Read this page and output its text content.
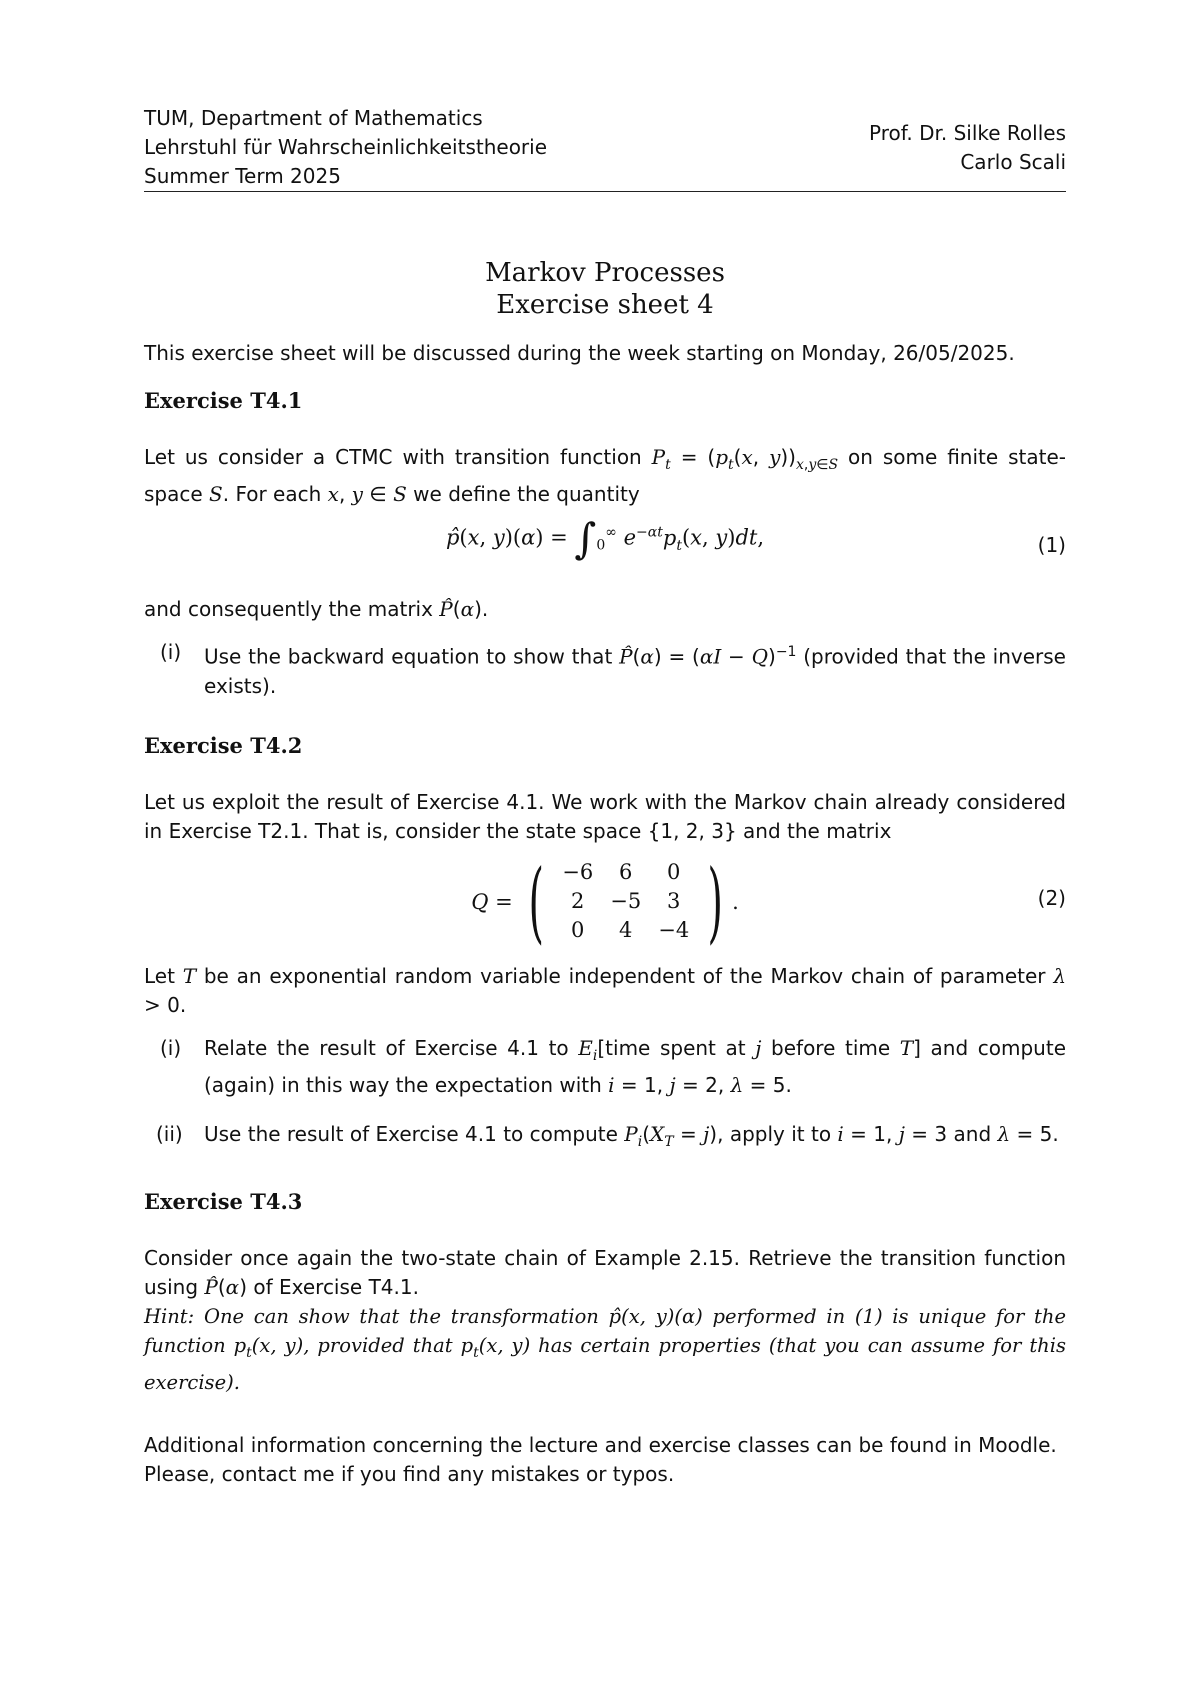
TUM, Department of Mathematics
Lehrstuhl für Wahrscheinlichkeitstheorie
Summer Term 2025
Prof. Dr. Silke Rolles
Carlo Scali
Markov Processes
Exercise sheet 4

This exercise sheet will be discussed during the week starting on Monday, 26/05/2025.

Exercise T4.1

Let us consider a CTMC with transition function $P_t = (p_t(x$, $y))_{x,y\in S}$ on some finite state-space S. For each x, y ∈ S we define the quantity

p̂(x, $y)(\alpha) = \int_0^\infty$ $e^{-\alpha t}p_t(x$, y)dt,	(1)

and consequently the matrix P̂(α).

(i) Use the backward equation to show that P̂(α) = $(\alpha I - Q)^{-1}$ (provided that the inverse exists).
Exercise T4.2

Let us exploit the result of Exercise 4.1. We work with the Markov chain already considered in Exercise T2.1. That is, consider the state space {1, 2, 3} and the matrix

Q = ( −6	6	0
2	−5	3
0	4	−4 ) .	(2)

Let T be an exponential random variable independent of the Markov chain of parameter λ > 0.

(i) Relate the result of Exercise 4.1 to $E_i[time$ spent at j before time T] and compute (again) in this way the expectation with i = 1, j = 2, λ = 5.
(ii) Use the result of Exercise 4.1 to compute $P_i(X_T = j)$, apply it to i = 1, j = 3 and λ = 5.
Exercise T4.3

Consider once again the two-state chain of Example 2.15. Retrieve the transition function using P̂(α) of Exercise T4.1.
Hint: One can show that the transformation p̂(x, y)(α) performed in (1) is unique for the function $p_t(x$, y), provided that $p_t(x$, y) has certain properties (that you can assume for this exercise).

Additional information concerning the lecture and exercise classes can be found in Moodle.

Please, contact me if you find any mistakes or typos.
